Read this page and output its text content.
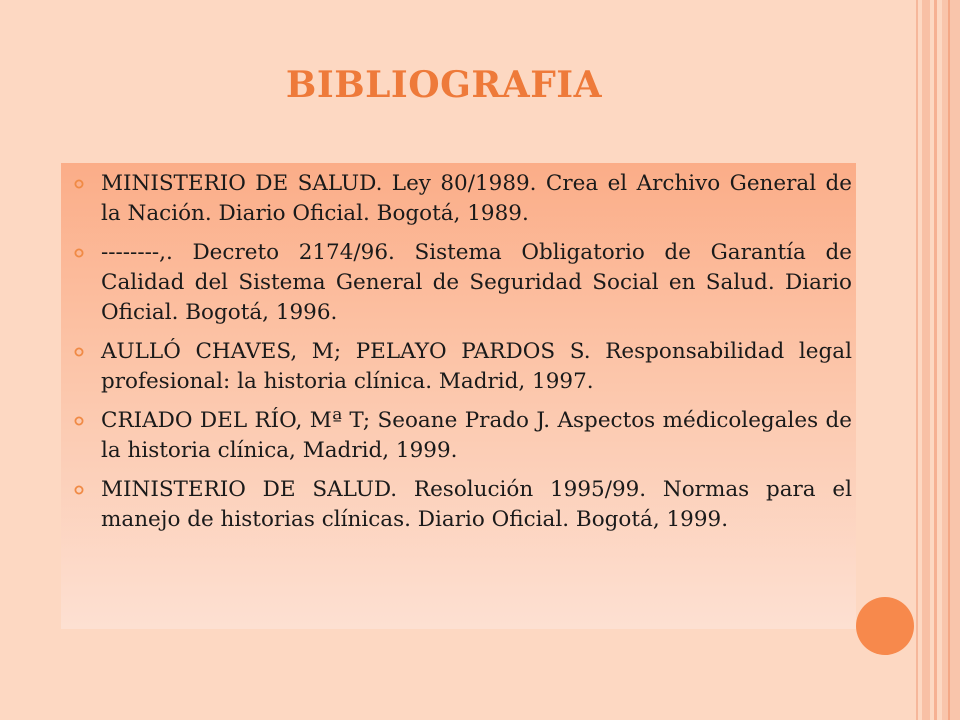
BIBLIOGRAFIA
MINISTERIO DE SALUD. Ley 80/1989. Crea el Archivo General de la Nación. Diario Oficial. Bogotá, 1989.
--------,. Decreto 2174/96. Sistema Obligatorio de Garantía de Calidad del Sistema General de Seguridad Social en Salud. Diario Oficial. Bogotá, 1996.
AULLÓ CHAVES, M; PELAYO PARDOS S. Responsabilidad legal profesional: la historia clínica. Madrid, 1997.
CRIADO DEL RÍO, Mª T; Seoane Prado J. Aspectos médicolegales de la historia clínica, Madrid, 1999.
MINISTERIO DE SALUD. Resolución 1995/99. Normas para el manejo de historias clínicas. Diario Oficial. Bogotá, 1999.
